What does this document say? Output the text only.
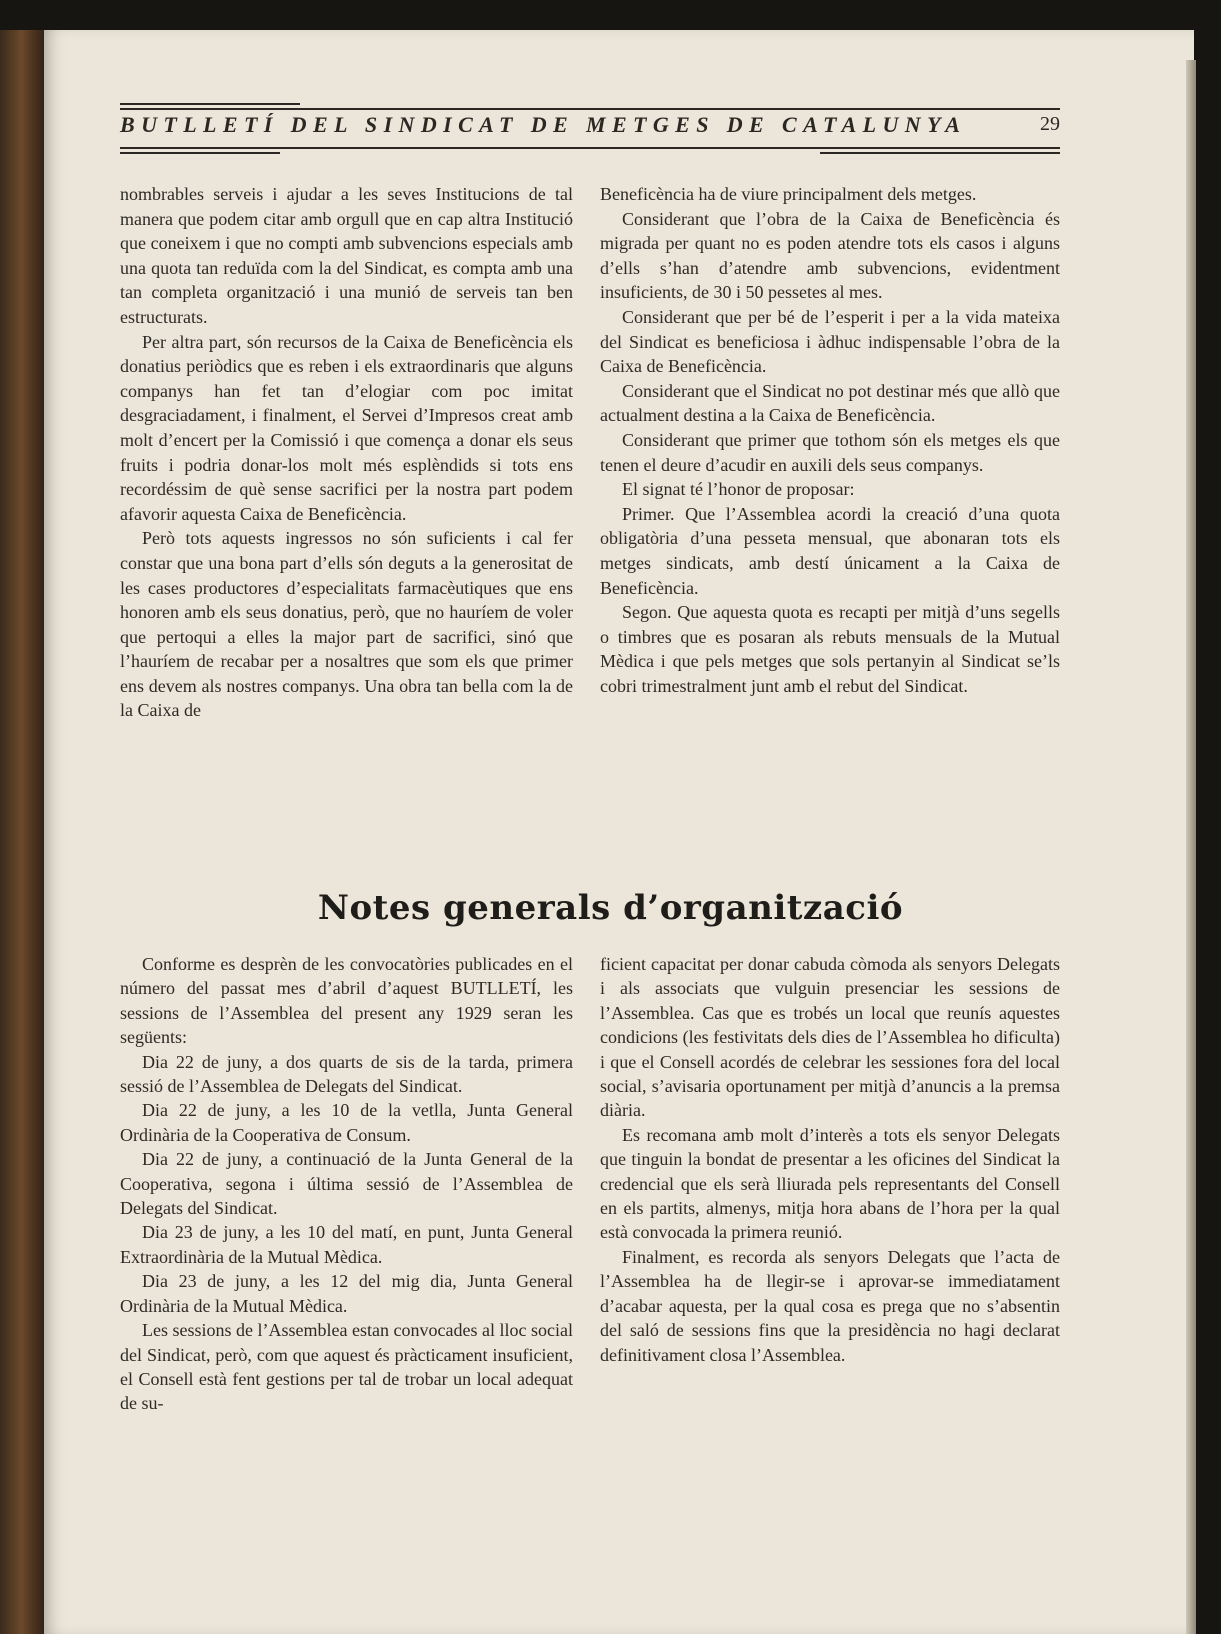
BUTLLETÍ DEL SINDICAT DE METGES DE CATALUNYA	29

nombrables serveis i ajudar a les seves Institucions de tal manera que podem citar amb orgull que en cap altra Institució que coneixem i que no compti amb subvencions especials amb una quota tan reduïda com la del Sindicat, es compta amb una tan completa organització i una munió de serveis tan ben estructurats.

Per altra part, són recursos de la Caixa de Beneficència els donatius periòdics que es reben i els extraordinaris que alguns companys han fet tan d’elogiar com poc imitat desgraciadament, i finalment, el Servei d’Impresos creat amb molt d’encert per la Comissió i que comença a donar els seus fruits i podria donar-los molt més esplèndids si tots ens recordéssim de què sense sacrifici per la nostra part podem afavorir aquesta Caixa de Beneficència.

Però tots aquests ingressos no són suficients i cal fer constar que una bona part d’ells són deguts a la generositat de les cases productores d’especialitats farmacèutiques que ens honoren amb els seus donatius, però, que no hauríem de voler que pertoqui a elles la major part de sacrifici, sinó que l’hauríem de recabar per a nosaltres que som els que primer ens devem als nostres companys. Una obra tan bella com la de la Caixa de

Beneficència ha de viure principalment dels metges.

Considerant que l’obra de la Caixa de Beneficència és migrada per quant no es poden atendre tots els casos i alguns d’ells s’han d’atendre amb subvencions, evidentment insuficients, de 30 i 50 pessetes al mes.

Considerant que per bé de l’esperit i per a la vida mateixa del Sindicat es beneficiosa i àdhuc indispensable l’obra de la Caixa de Beneficència.

Considerant que el Sindicat no pot destinar més que allò que actualment destina a la Caixa de Beneficència.

Considerant que primer que tothom són els metges els que tenen el deure d’acudir en auxili dels seus companys.

El signat té l’honor de proposar:

Primer. Que l’Assemblea acordi la creació d’una quota obligatòria d’una pesseta mensual, que abonaran tots els metges sindicats, amb destí únicament a la Caixa de Beneficència.

Segon. Que aquesta quota es recapti per mitjà d’uns segells o timbres que es posaran als rebuts mensuals de la Mutual Mèdica i que pels metges que sols pertanyin al Sindicat se’ls cobri trimestralment junt amb el rebut del Sindicat.

Notes generals d’organització

Conforme es desprèn de les convocatòries publicades en el número del passat mes d’abril d’aquest BUTLLETÍ, les sessions de l’Assemblea del present any 1929 seran les següents:

Dia 22 de juny, a dos quarts de sis de la tarda, primera sessió de l’Assemblea de Delegats del Sindicat.

Dia 22 de juny, a les 10 de la vetlla, Junta General Ordinària de la Cooperativa de Consum.

Dia 22 de juny, a continuació de la Junta General de la Cooperativa, segona i última sessió de l’Assemblea de Delegats del Sindicat.

Dia 23 de juny, a les 10 del matí, en punt, Junta General Extraordinària de la Mutual Mèdica.

Dia 23 de juny, a les 12 del mig dia, Junta General Ordinària de la Mutual Mèdica.

Les sessions de l’Assemblea estan convocades al lloc social del Sindicat, però, com que aquest és pràcticament insuficient, el Consell està fent gestions per tal de trobar un local adequat de su-

ficient capacitat per donar cabuda còmoda als senyors Delegats i als associats que vulguin presenciar les sessions de l’Assemblea. Cas que es trobés un local que reunís aquestes condicions (les festivitats dels dies de l’Assemblea ho dificulta) i que el Consell acordés de celebrar les sessiones fora del local social, s’avisaria oportunament per mitjà d’anuncis a la premsa diària.

Es recomana amb molt d’interès a tots els senyor Delegats que tinguin la bondat de presentar a les oficines del Sindicat la credencial que els serà lliurada pels representants del Consell en els partits, almenys, mitja hora abans de l’hora per la qual està convocada la primera reunió.

Finalment, es recorda als senyors Delegats que l’acta de l’Assemblea ha de llegir-se i aprovar-se immediatament d’acabar aquesta, per la qual cosa es prega que no s’absentin del saló de sessions fins que la presidència no hagi declarat definitivament closa l’Assemblea.
